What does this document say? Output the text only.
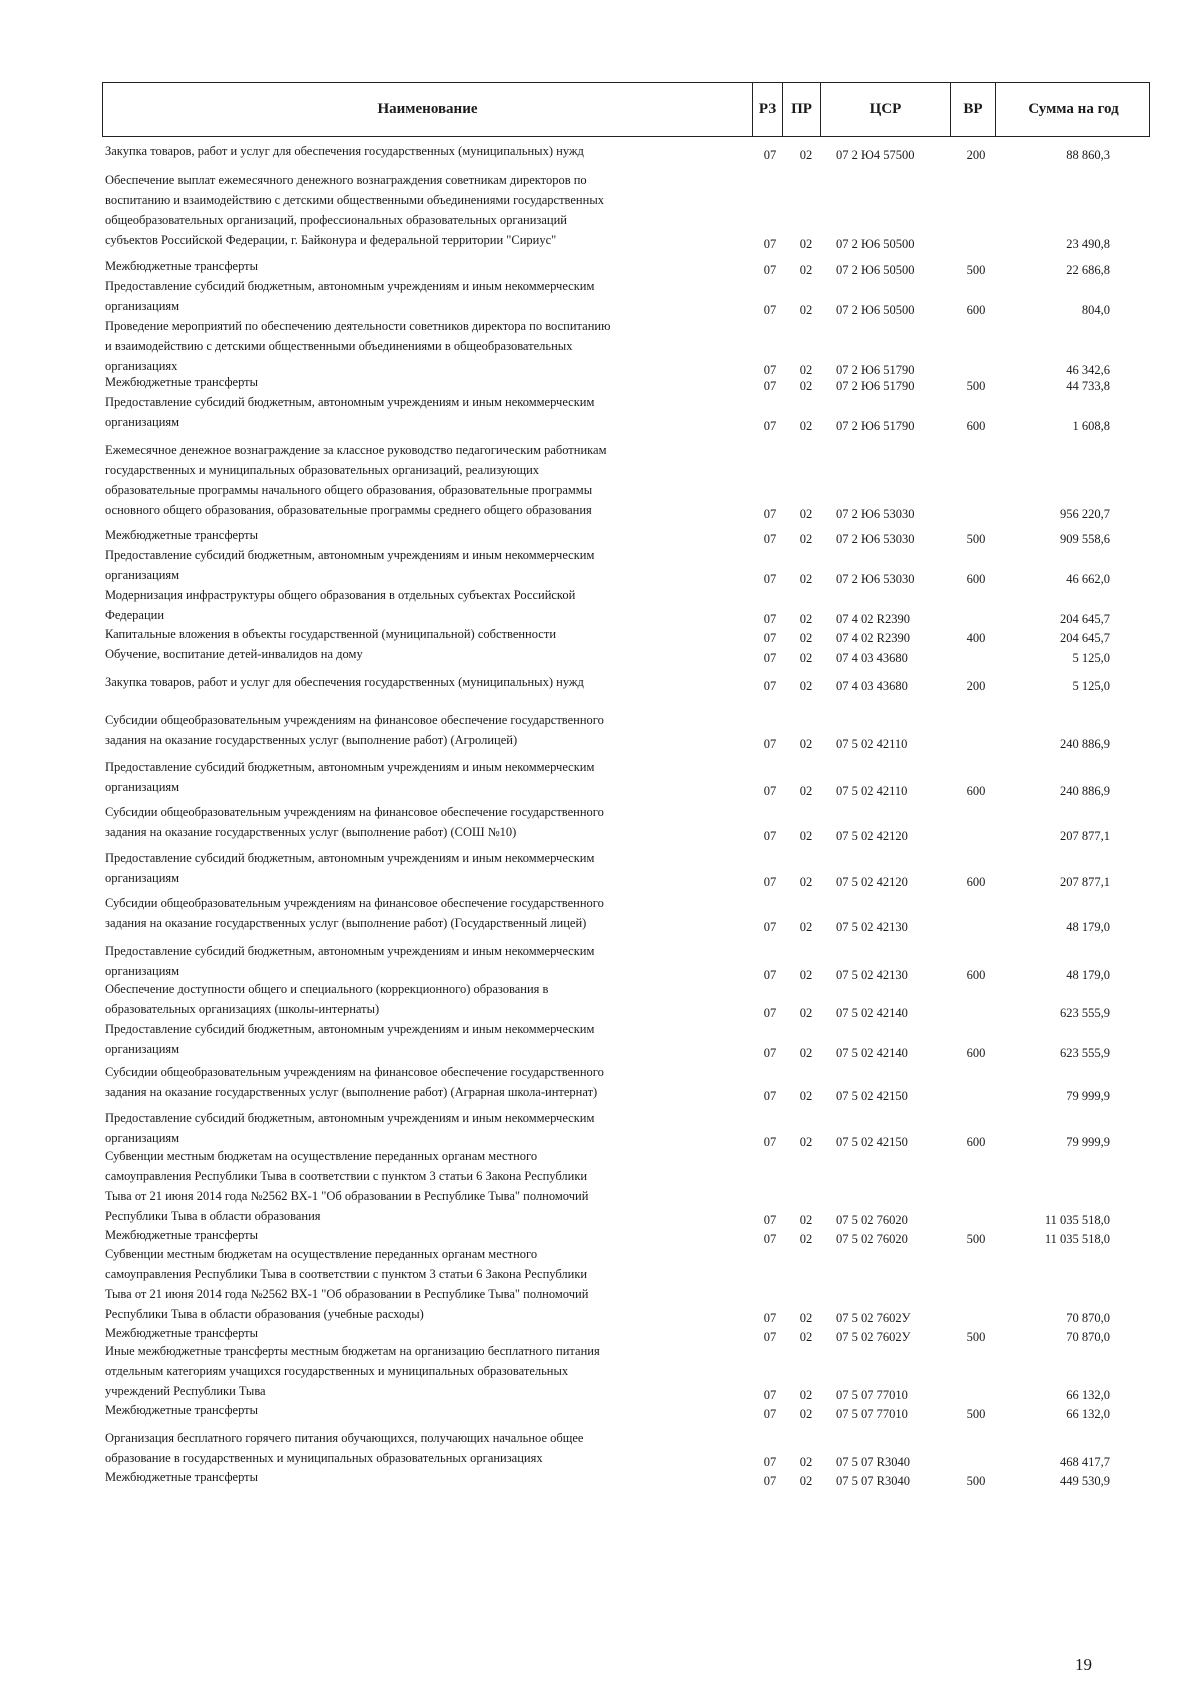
Наименование	РЗ ПР	ЦСР	ВР	Сумма на год
Закупка товаров, работ и услуг для обеспечения государственных (муниципальных) нужд	07	02	07 2 Ю4 57500	200	88 860,3
Обеспечение выплат ежемесячного денежного вознаграждения советникам директоров по
воспитанию и взаимодействию с детскими общественными объединениями государственных
общеобразовательных организаций, профессиональных образовательных организаций
субъектов Российской Федерации, г. Байконура и федеральной территории "Сириус"	07	02	07 2 Ю6 50500	23 490,8
Межбюджетные трансферты	07	02	07 2 Ю6 50500	500	22 686,8
Предоставление субсидий бюджетным, автономным учреждениям и иным некоммерческим
организациям	07	02	07 2 Ю6 50500	600	804,0
Проведение мероприятий по обеспечению деятельности советников директора по воспитанию
и взаимодействию с детскими общественными объединениями в общеобразовательных
организациях	07	02	07 2 Ю6 51790	46 342,6
Межбюджетные трансферты	07	02	07 2 Ю6 51790	500	44 733,8
Предоставление субсидий бюджетным, автономным учреждениям и иным некоммерческим
организациям	07	02	07 2 Ю6 51790	600	1 608,8
Ежемесячное денежное вознаграждение за классное руководство педагогическим работникам
государственных и муниципальных образовательных организаций, реализующих
образовательные программы начального общего образования, образовательные программы
основного общего образования, образовательные программы среднего общего образования	07	02	07 2 Ю6 53030	956 220,7
Межбюджетные трансферты	07	02	07 2 Ю6 53030	500	909 558,6
Предоставление субсидий бюджетным, автономным учреждениям и иным некоммерческим
организациям	07	02	07 2 Ю6 53030	600	46 662,0
Модернизация инфраструктуры общего образования в отдельных субъектах Российской
Федерации	07	02	07 4 02 R2390	204 645,7
Капитальные вложения в объекты государственной (муниципальной) собственности	07	02	07 4 02 R2390	400	204 645,7
Обучение, воспитание детей-инвалидов на дому	07	02	07 4 03 43680	5 125,0
Закупка товаров, работ и услуг для обеспечения государственных (муниципальных) нужд	07	02	07 4 03 43680	200	5 125,0
Субсидии общеобразовательным учреждениям на финансовое обеспечение государственного
задания на оказание государственных услуг (выполнение работ) (Агролицей)	07	02	07 5 02 42110	240 886,9
Предоставление субсидий бюджетным, автономным учреждениям и иным некоммерческим
организациям	07	02	07 5 02 42110	600	240 886,9
Субсидии общеобразовательным учреждениям на финансовое обеспечение государственного
задания на оказание государственных услуг (выполнение работ) (СОШ №10)	07	02	07 5 02 42120	207 877,1
Предоставление субсидий бюджетным, автономным учреждениям и иным некоммерческим
организациям	07	02	07 5 02 42120	600	207 877,1
Субсидии общеобразовательным учреждениям на финансовое обеспечение государственного
задания на оказание государственных услуг (выполнение работ) (Государственный лицей)	07	02	07 5 02 42130	48 179,0
Предоставление субсидий бюджетным, автономным учреждениям и иным некоммерческим
организациям	07	02	07 5 02 42130	600	48 179,0
Обеспечение доступности общего и специального (коррекционного) образования в
образовательных организациях (школы-интернаты)	07	02	07 5 02 42140	623 555,9
Предоставление субсидий бюджетным, автономным учреждениям и иным некоммерческим
организациям	07	02	07 5 02 42140	600	623 555,9
Субсидии общеобразовательным учреждениям на финансовое обеспечение государственного
задания на оказание государственных услуг (выполнение работ) (Аграрная школа-интернат)	07	02	07 5 02 42150	79 999,9
Предоставление субсидий бюджетным, автономным учреждениям и иным некоммерческим
организациям	07	02	07 5 02 42150	600	79 999,9
Субвенции местным бюджетам на осуществление переданных органам местного
самоуправления Республики Тыва в соответствии с пунктом 3 статьи 6 Закона Республики
Тыва от 21 июня 2014 года №2562 ВХ-1 "Об образовании в Республике Тыва" полномочий
Республики Тыва в области образования	07	02	07 5 02 76020	11 035 518,0
Межбюджетные трансферты	07	02	07 5 02 76020	500	11 035 518,0
Субвенции местным бюджетам на осуществление переданных органам местного
самоуправления Республики Тыва в соответствии с пунктом 3 статьи 6 Закона Республики
Тыва от 21 июня 2014 года №2562 ВХ-1 "Об образовании в Республике Тыва" полномочий
Республики Тыва в области образования (учебные расходы)	07	02	07 5 02 7602У	70 870,0
Межбюджетные трансферты	07	02	07 5 02 7602У	500	70 870,0
Иные межбюджетные трансферты местным бюджетам на организацию бесплатного питания
отдельным категориям учащихся государственных и муниципальных образовательных
учреждений Республики Тыва	07	02	07 5 07 77010	66 132,0
Межбюджетные трансферты	07	02	07 5 07 77010	500	66 132,0
Организация бесплатного горячего питания обучающихся, получающих начальное общее
образование в государственных и муниципальных образовательных организациях	07	02	07 5 07 R3040	468 417,7
Межбюджетные трансферты	07	02	07 5 07 R3040	500	449 530,9
19
